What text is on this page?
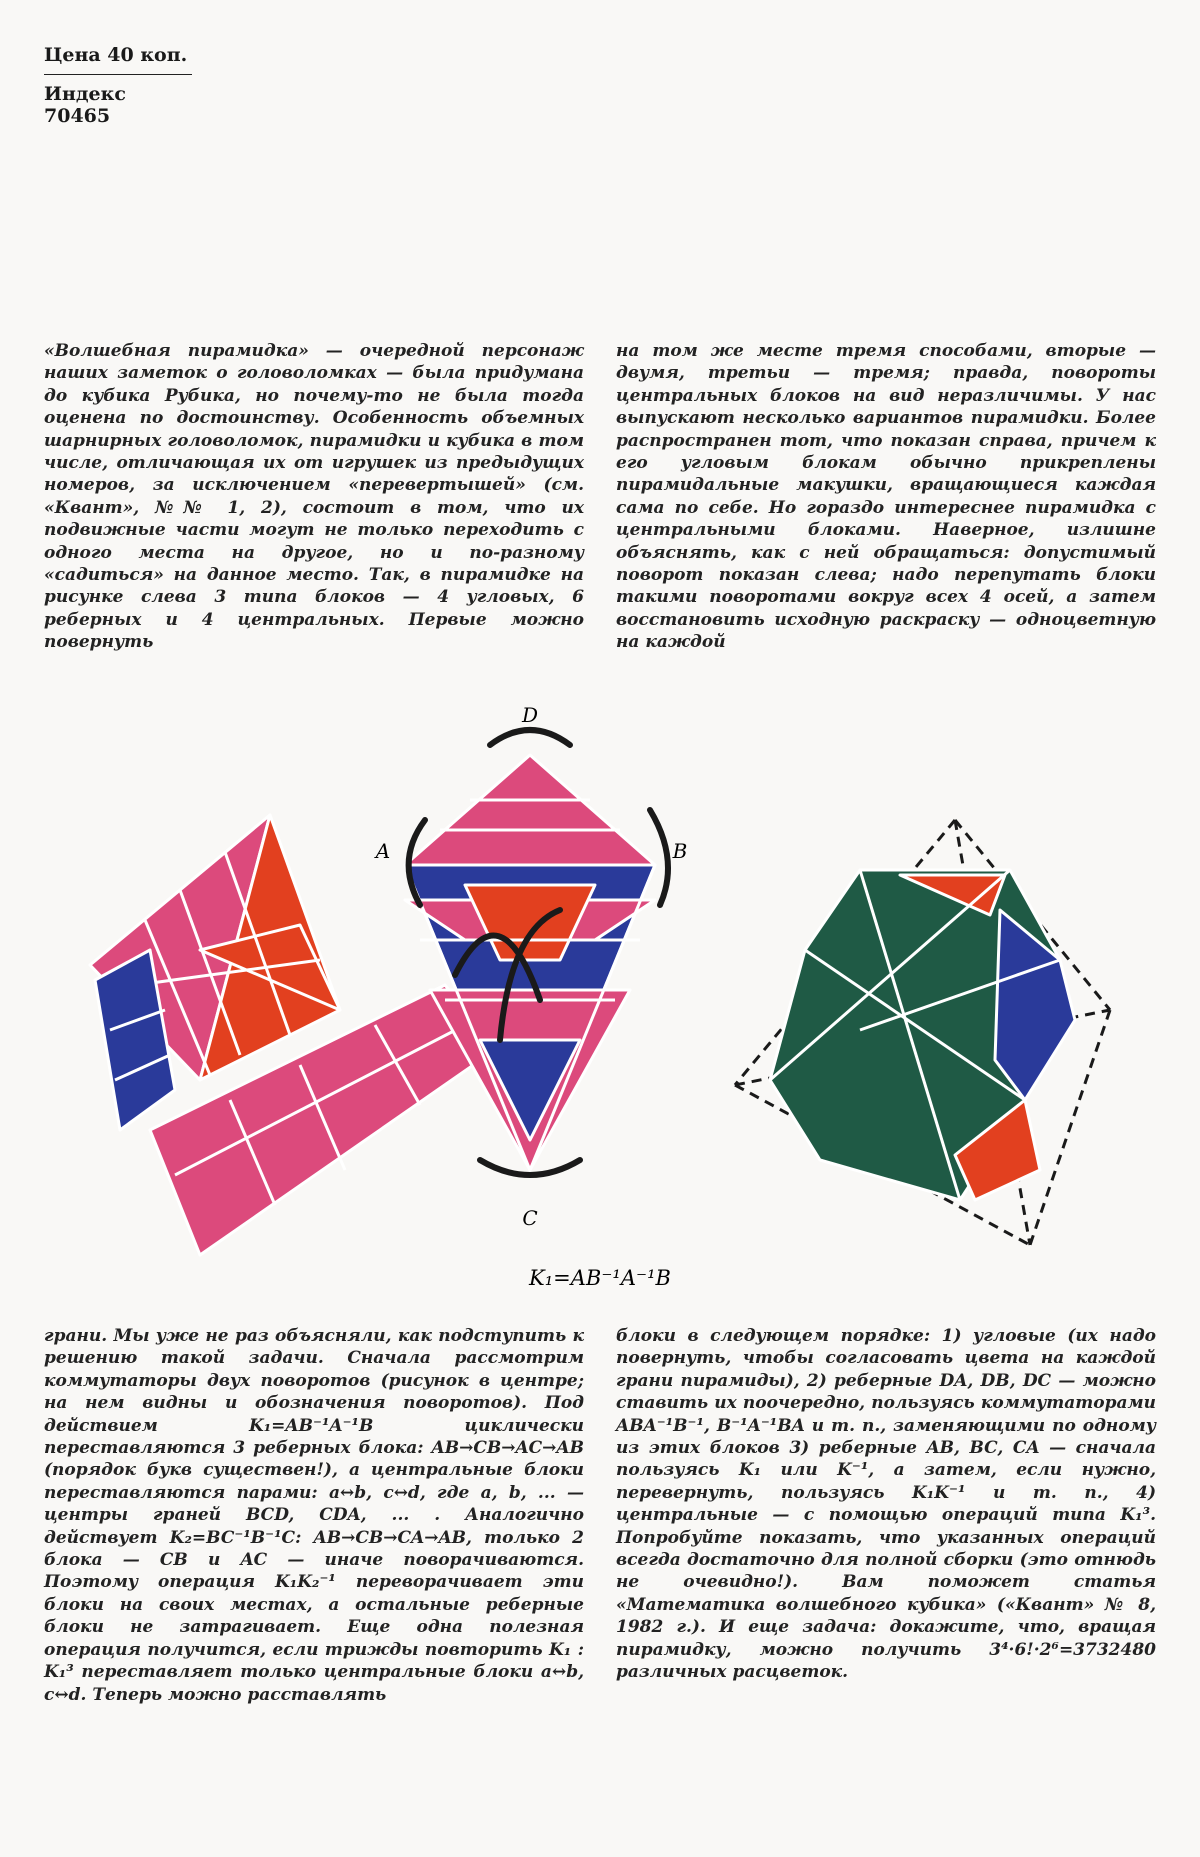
Цена 40 коп.
Индекс 70465

«Волшебная пирамидка» — очередной персонаж наших заметок о головоломках — была придумана до кубика Рубика, но почему-то не была тогда оценена по достоинству. Особенность объемных шарнирных головоломок, пирамидки и кубика в том числе, отличающая их от игрушек из предыдущих номеров, за исключением «перевертышей» (см. «Квант», №№ 1, 2), состоит в том, что их подвижные части могут не только переходить с одного места на другое, но и по-разному «садиться» на данное место. Так, в пирамидке на рисунке слева 3 типа блоков — 4 угловых, 6 реберных и 4 центральных. Первые можно повернуть

на том же месте тремя способами, вторые — двумя, третьи — тремя; правда, повороты центральных блоков на вид неразличимы. У нас выпускают несколько вариантов пирамидки. Более распространен тот, что показан справа, причем к его угловым блокам обычно прикреплены пирамидальные макушки, вращающиеся каждая сама по себе. Но гораздо интереснее пирамидка с центральными блоками. Наверное, излишне объяснять, как с ней обращаться: допустимый поворот показан слева; надо перепутать блоки такими поворотами вокруг всех 4 осей, а затем восстановить исходную раскраску — одноцветную на каждой

D
A	B
C
K₁=AB⁻¹A⁻¹B

грани. Мы уже не раз объясняли, как подступить к решению такой задачи. Сначала рассмотрим коммутаторы двух поворотов (рисунок в центре; на нем видны и обозначения поворотов). Под действием K₁=AB⁻¹A⁻¹B циклически переставляются 3 реберных блока: AB→CB→AC→AB (порядок букв существен!), а центральные блоки переставляются парами: a↔b, c↔d, где a, b, ... — центры граней BCD, CDA, ... . Аналогично действует K₂=BC⁻¹B⁻¹C: AB→CB→CA→AB, только 2 блока — CB и AC — иначе поворачиваются. Поэтому операция K₁K₂⁻¹ переворачивает эти блоки на своих местах, а остальные реберные блоки не затрагивает. Еще одна полезная операция получится, если трижды повторить K₁ : K₁³ переставляет только центральные блоки a↔b, c↔d. Теперь можно расставлять

блоки в следующем порядке: 1) угловые (их надо повернуть, чтобы согласовать цвета на каждой грани пирамиды), 2) реберные DA, DB, DC — можно ставить их поочередно, пользуясь коммутаторами ABA⁻¹B⁻¹, B⁻¹A⁻¹BA и т. п., заменяющими по одному из этих блоков 3) реберные AB, BC, CA — сначала пользуясь K₁ или K⁻¹, а затем, если нужно, перевернуть, пользуясь K₁K⁻¹ и т. п., 4) центральные — с помощью операций типа K₁³. Попробуйте показать, что указанных операций всегда достаточно для полной сборки (это отнюдь не очевидно!). Вам поможет статья «Математика волшебного кубика» («Квант» № 8, 1982 г.). И еще задача: докажите, что, вращая пирамидку, можно получить 3⁴·6!·2⁶=3732480 различных расцветок.
